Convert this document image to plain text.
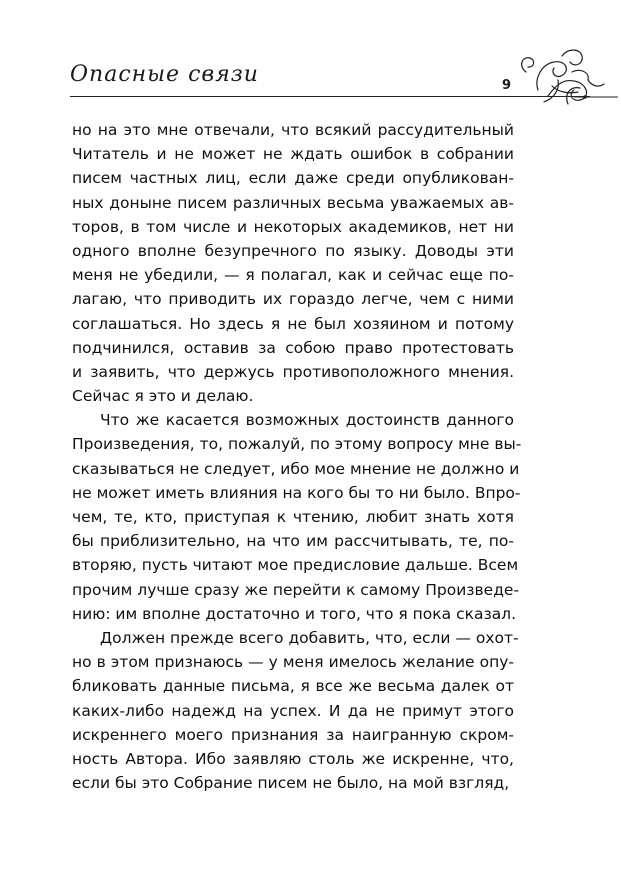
Опасные связи	9
но на это мне отвечали, что всякий рассудительный
Читатель и не может не ждать ошибок в собрании
писем частных лиц, если даже среди опубликован-
ных доныне писем различных весьма уважаемых ав-
торов, в том числе и некоторых академиков, нет ни
одного вполне безупречного по языку. Доводы эти
меня не убедили, — я полагал, как и сейчас еще по-
лагаю, что приводить их гораздо легче, чем с ними
соглашаться. Но здесь я не был хозяином и потому
подчинился, оставив за собою право протестовать
и заявить, что держусь противоположного мнения.
Сейчас я это и делаю.
Что же касается возможных достоинств данного
Произведения, то, пожалуй, по этому вопросу мне вы-
сказываться не следует, ибо мое мнение не должно и
не может иметь влияния на кого бы то ни было. Впро-
чем, те, кто, приступая к чтению, любит знать хотя
бы приблизительно, на что им рассчитывать, те, по-
вторяю, пусть читают мое предисловие дальше. Всем
прочим лучше сразу же перейти к самому Произведе-
нию: им вполне достаточно и того, что я пока сказал.
Должен прежде всего добавить, что, если — охот-
но в этом признаюсь — у меня имелось желание опу-
бликовать данные письма, я все же весьма далек от
каких-либо надежд на успех. И да не примут этого
искреннего моего признания за наигранную скром-
ность Автора. Ибо заявляю столь же искренне, что,
если бы это Собрание писем не было, на мой взгляд,
